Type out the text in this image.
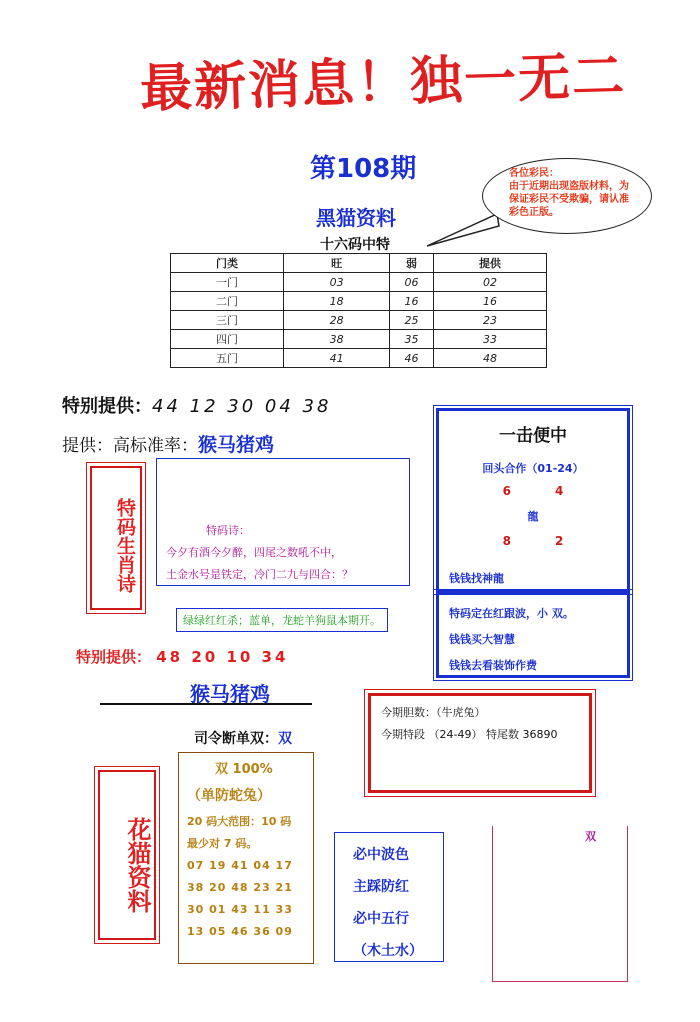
最新消息！独一无二
第108期	各位彩民：
由于近期出现盗版材料，为保证彩民不受欺骗，请认准彩色正版。
黑猫资料
十六码中特
门类	旺	弱	提供
一门	03	06	02
二门	18	16	16
三门	28	25	23
四门	38	35	33
五门	41	46	48
特别提供：44 12 30 04 38
提供：高标准率：猴马猪鸡
特码生肖诗	特码诗：
今夕有酒今夕醉，四尾之数吼不中，
土金水号是铁定，冷门二九与四合：？
绿绿红红杀；蓝单，龙蛇羊狗鼠本期开。
特别提供： 48 20 10 34
猴马猪鸡
司令断单双：双
双 100%
（单防蛇兔）
20 码大范围：10 码
最少对 7 码。
07 19 41 04 17
38 20 48 23 21
30 01 43 11 33
13 05 46 36 09
花猫资料
一击便中
回头合作（01-24）
6	4
龍
8	2
钱钱找神龍
特码定在红跟波，小 双。
钱钱买大智慧
钱钱去看装饰作费
今期胆数：（牛虎兔）
今期特段 （24-49） 特尾数 36890
必中波色
主踩防红
必中五行
（木土水）
双
